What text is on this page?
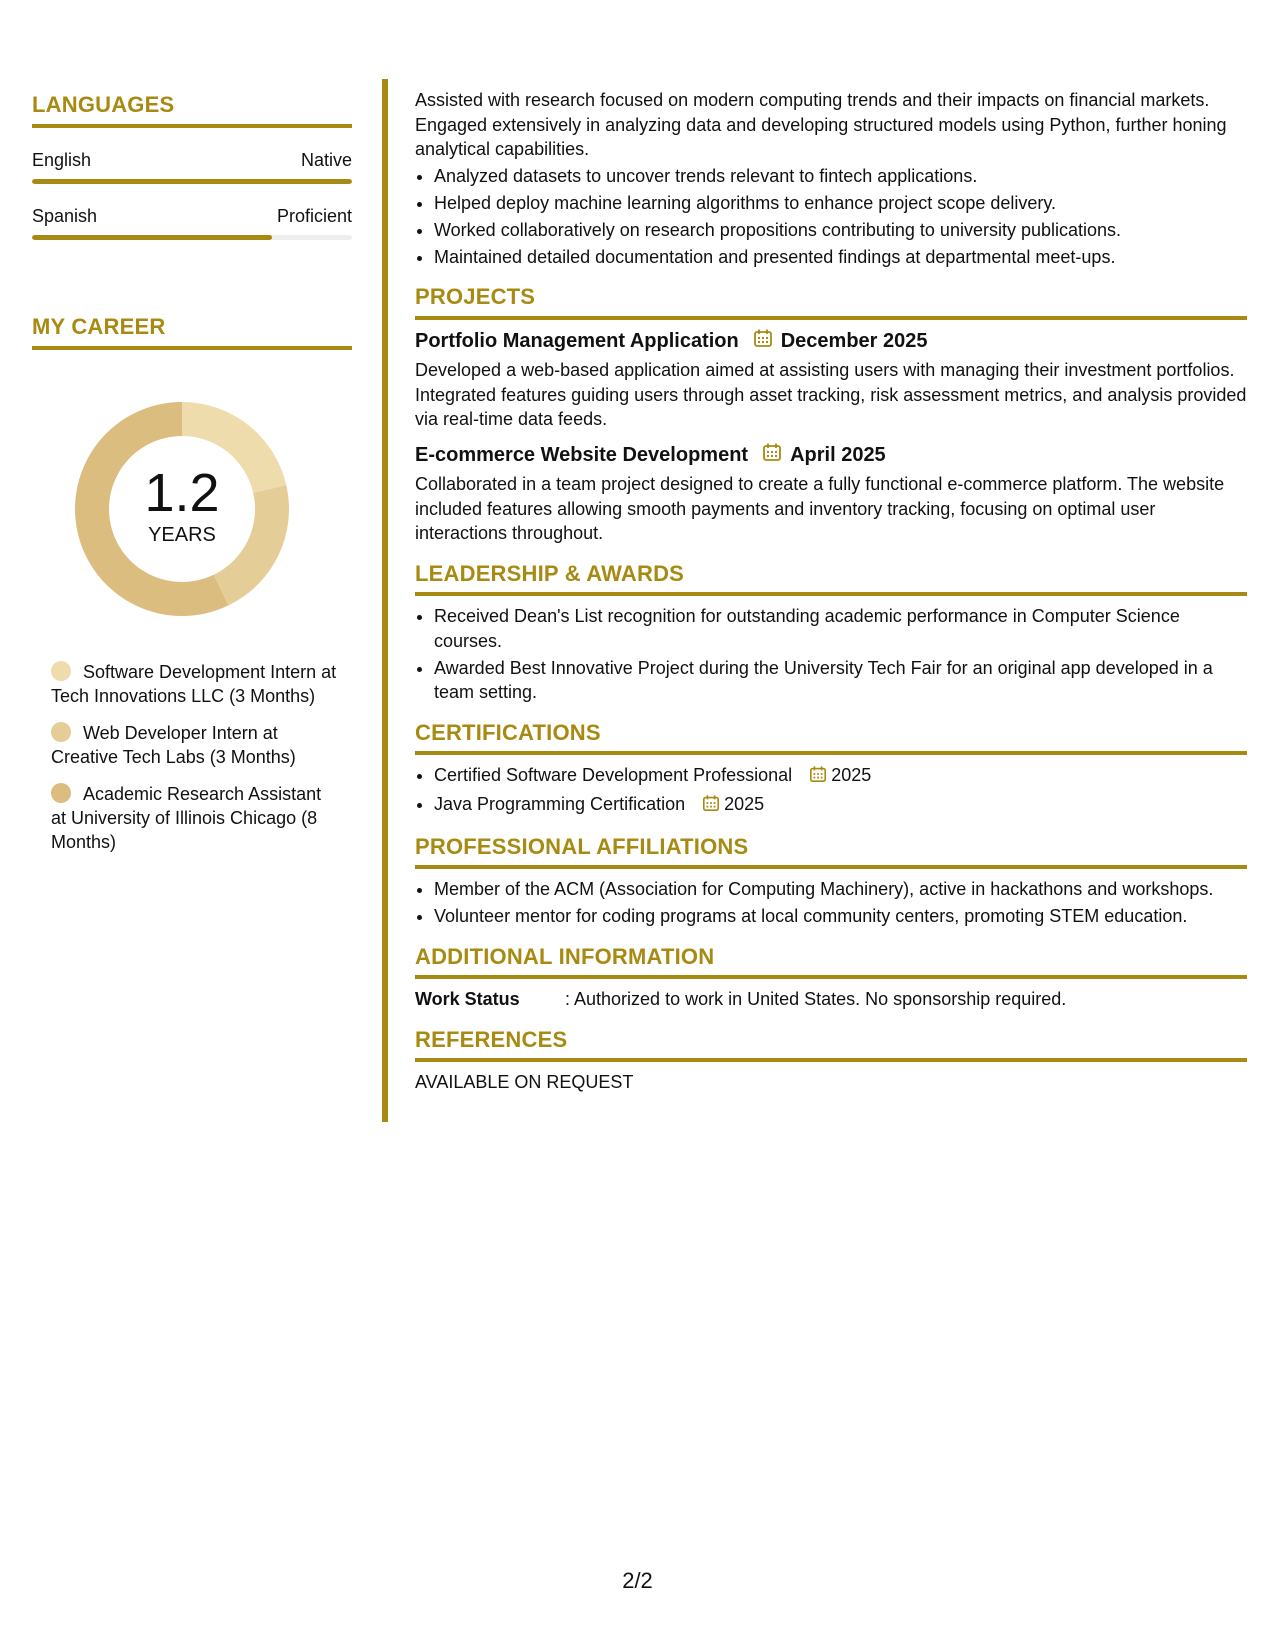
LANGUAGES
English	Native
Spanish	Proficient
MY CAREER
1.2
YEARS
Software Development Intern at Tech Innovations LLC (3 Months)
Web Developer Intern at Creative Tech Labs (3 Months)
Academic Research Assistant at University of Illinois Chicago (8 Months)

Assisted with research focused on modern computing trends and their impacts on financial markets. Engaged extensively in analyzing data and developing structured models using Python, further honing analytical capabilities.

• Analyzed datasets to uncover trends relevant to fintech applications.
• Helped deploy machine learning algorithms to enhance project scope delivery.
• Worked collaboratively on research propositions contributing to university publications.
• Maintained detailed documentation and presented findings at departmental meet-ups.
PROJECTS
Portfolio Management Application December 2025

Developed a web-based application aimed at assisting users with managing their investment portfolios. Integrated features guiding users through asset tracking, risk assessment metrics, and analysis provided via real-time data feeds.

E-commerce Website Development April 2025

Collaborated in a team project designed to create a fully functional e-commerce platform. The website included features allowing smooth payments and inventory tracking, focusing on optimal user interactions throughout.

LEADERSHIP & AWARDS
• Received Dean's List recognition for outstanding academic performance in Computer Science courses.
• Awarded Best Innovative Project during the University Tech Fair for an original app developed in a team setting.
CERTIFICATIONS
• Certified Software Development Professional 2025
• Java Programming Certification 2025
PROFESSIONAL AFFILIATIONS
• Member of the ACM (Association for Computing Machinery), active in hackathons and workshops.
• Volunteer mentor for coding programs at local community centers, promoting STEM education.
ADDITIONAL INFORMATION
Work Status	: Authorized to work in United States. No sponsorship required.
REFERENCES

AVAILABLE ON REQUEST

2/2
